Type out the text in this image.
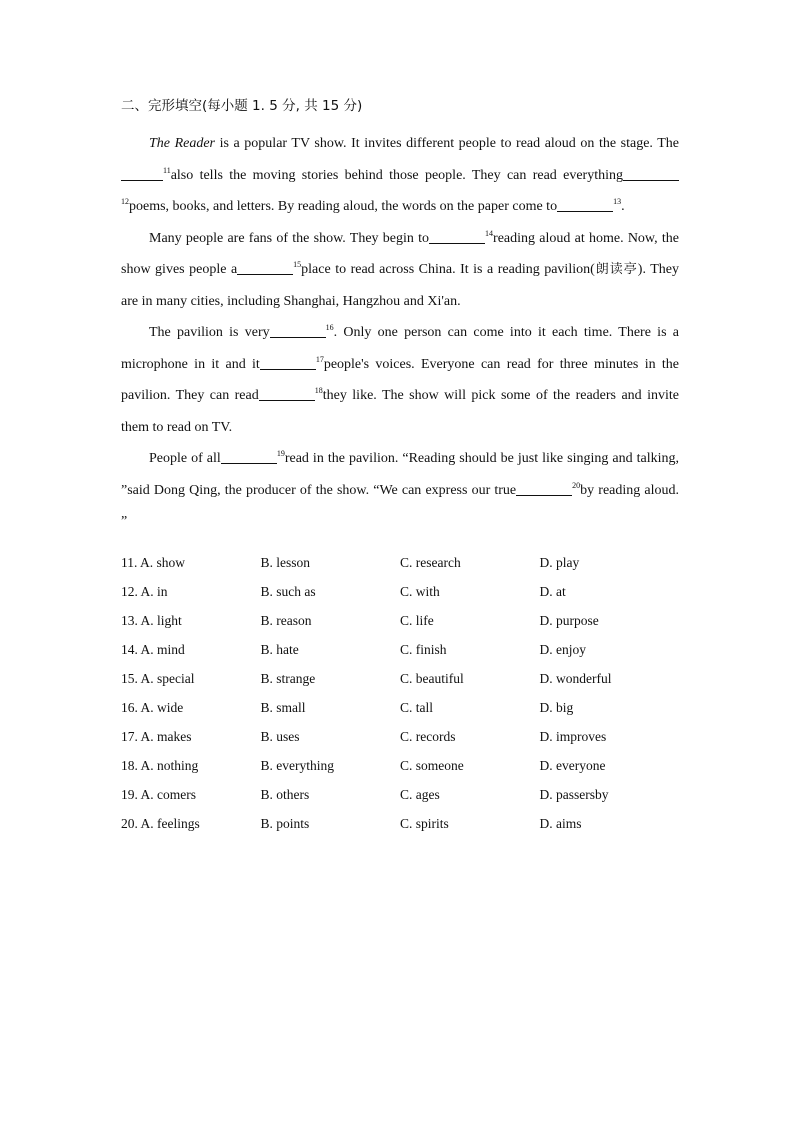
二、完形填空(每小题 1. 5 分, 共 15 分)

The Reader is a popular TV show. It invites different people to read aloud on the stage. The$^{11}$also tells the moving stories behind those people. They can read everything$^{12}$poems, books, and letters. By reading aloud, the words on the paper come to	$^{13}$.

Many people are fans of the show. They begin to	$^{14}$reading aloud at home. Now, the show gives people a	$^{15}$place to read across China. It is a reading pavilion(朗读亭). They are in many cities, including Shanghai, Hangzhou and Xi'an.

The pavilion is very	$^{16}$. Only one person can come into it each time. There is a microphone in it and it	$^{17}$people's voices. Everyone can read for three minutes in the pavilion. They can read	$^{18}$they like. The show will pick some of the readers and invite them to read on TV.

People of all	$^{19}$read in the pavilion. “Reading should be just like singing and talking, ”said Dong Qing, the producer of the show. “We can express our true	$^{20}$by reading aloud. ”

11. A. show	B. lesson	C. research	D. play
12. A. in	B. such as	C. with	D. at
13. A. light	B. reason	C. life	D. purpose
14. A. mind	B. hate	C. finish	D. enjoy
15. A. special	B. strange	C. beautiful	D. wonderful
16. A. wide	B. small	C. tall	D. big
17. A. makes	B. uses	C. records	D. improves
18. A. nothing	B. everything	C. someone	D. everyone
19. A. comers	B. others	C. ages	D. passersby
20. A. feelings	B. points	C. spirits	D. aims
